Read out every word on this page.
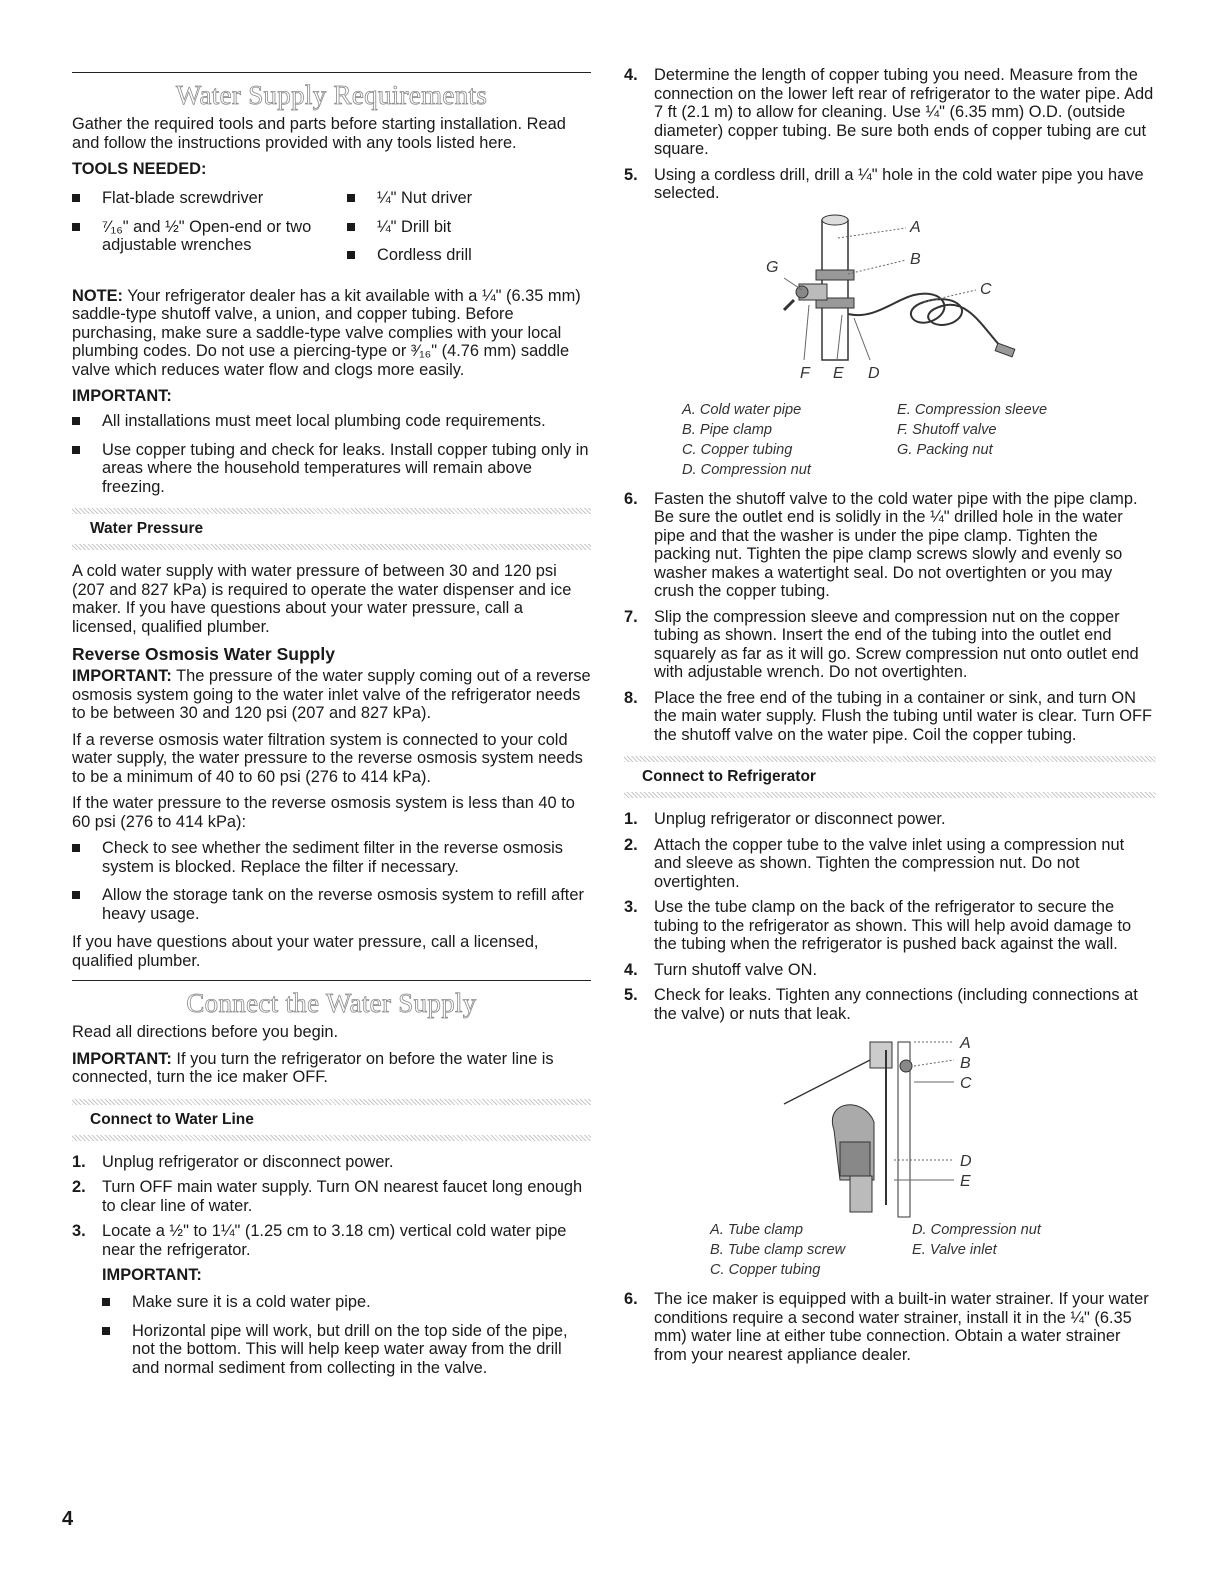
Water Supply Requirements

Gather the required tools and parts before starting installation. Read and follow the instructions provided with any tools listed here.

TOOLS NEEDED:
Flat-blade screwdriver
⁷⁄₁₆" and ½" Open-end or two adjustable wrenches
¼" Nut driver
¼" Drill bit
Cordless drill

NOTE: Your refrigerator dealer has a kit available with a ¼" (6.35 mm) saddle-type shutoff valve, a union, and copper tubing. Before purchasing, make sure a saddle-type valve complies with your local plumbing codes. Do not use a piercing-type or ³⁄₁₆" (4.76 mm) saddle valve which reduces water flow and clogs more easily.

IMPORTANT:
All installations must meet local plumbing code requirements.
Use copper tubing and check for leaks. Install copper tubing only in areas where the household temperatures will remain above freezing.
Water Pressure

A cold water supply with water pressure of between 30 and 120 psi (207 and 827 kPa) is required to operate the water dispenser and ice maker. If you have questions about your water pressure, call a licensed, qualified plumber.

Reverse Osmosis Water Supply

IMPORTANT: The pressure of the water supply coming out of a reverse osmosis system going to the water inlet valve of the refrigerator needs to be between 30 and 120 psi (207 and 827 kPa).

If a reverse osmosis water filtration system is connected to your cold water supply, the water pressure to the reverse osmosis system needs to be a minimum of 40 to 60 psi (276 to 414 kPa).

If the water pressure to the reverse osmosis system is less than 40 to 60 psi (276 to 414 kPa):

Check to see whether the sediment filter in the reverse osmosis system is blocked. Replace the filter if necessary.
Allow the storage tank on the reverse osmosis system to refill after heavy usage.

If you have questions about your water pressure, call a licensed, qualified plumber.

Connect the Water Supply

Read all directions before you begin.

IMPORTANT: If you turn the refrigerator on before the water line is connected, turn the ice maker OFF.

Connect to Water Line
1. Unplug refrigerator or disconnect power.
2. Turn OFF main water supply. Turn ON nearest faucet long enough to clear line of water.
3. Locate a ½" to 1¼" (1.25 cm to 3.18 cm) vertical cold water pipe near the refrigerator.
IMPORTANT:
Make sure it is a cold water pipe.
Horizontal pipe will work, but drill on the top side of the pipe, not the bottom. This will help keep water away from the drill and normal sediment from collecting in the valve.
4. Determine the length of copper tubing you need. Measure from the connection on the lower left rear of refrigerator to the water pipe. Add 7 ft (2.1 m) to allow for cleaning. Use ¼" (6.35 mm) O.D. (outside diameter) copper tubing. Be sure both ends of copper tubing are cut square.
5. Using a cordless drill, drill a ¼" hole in the cold water pipe you have selected.
A
B
C
D
E
F
G
A. Cold water pipe	E. Compression sleeve
B. Pipe clamp	F. Shutoff valve
C. Copper tubing	G. Packing nut
D. Compression nut
6. Fasten the shutoff valve to the cold water pipe with the pipe clamp. Be sure the outlet end is solidly in the ¼" drilled hole in the water pipe and that the washer is under the pipe clamp. Tighten the packing nut. Tighten the pipe clamp screws slowly and evenly so washer makes a watertight seal. Do not overtighten or you may crush the copper tubing.
7. Slip the compression sleeve and compression nut on the copper tubing as shown. Insert the end of the tubing into the outlet end squarely as far as it will go. Screw compression nut onto outlet end with adjustable wrench. Do not overtighten.
8. Place the free end of the tubing in a container or sink, and turn ON the main water supply. Flush the tubing until water is clear. Turn OFF the shutoff valve on the water pipe. Coil the copper tubing.
Connect to Refrigerator
1. Unplug refrigerator or disconnect power.
2. Attach the copper tube to the valve inlet using a compression nut and sleeve as shown. Tighten the compression nut. Do not overtighten.
3. Use the tube clamp on the back of the refrigerator to secure the tubing to the refrigerator as shown. This will help avoid damage to the tubing when the refrigerator is pushed back against the wall.
4. Turn shutoff valve ON.
5. Check for leaks. Tighten any connections (including connections at the valve) or nuts that leak.
A
B
C
D
E
A. Tube clamp	D. Compression nut
B. Tube clamp screw	E. Valve inlet
C. Copper tubing
6. The ice maker is equipped with a built-in water strainer. If your water conditions require a second water strainer, install it in the ¼" (6.35 mm) water line at either tube connection. Obtain a water strainer from your nearest appliance dealer.
4
